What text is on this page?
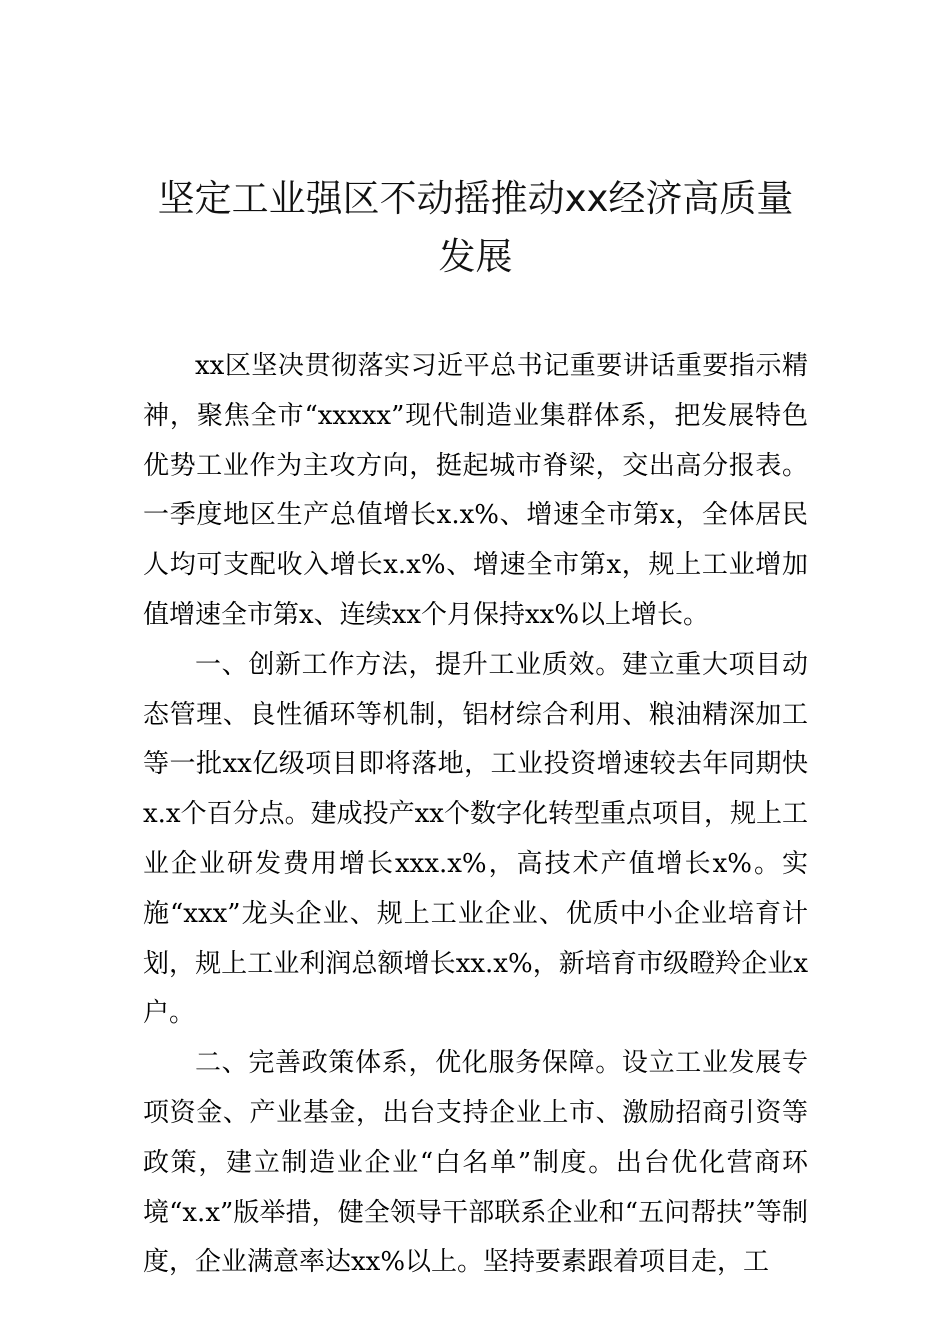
坚定工业强区不动摇推动xx经济高质量发展

xx区坚决贯彻落实习近平总书记重要讲话重要指示精神，聚焦全市“xxxxx”现代制造业集群体系，把发展特色优势工业作为主攻方向，挺起城市脊梁，交出高分报表。一季度地区生产总值增长x.x%、增速全市第x，全体居民人均可支配收入增长x.x%、增速全市第x，规上工业增加值增速全市第x、连续xx个月保持xx%以上增长。

一、创新工作方法，提升工业质效。建立重大项目动态管理、良性循环等机制，铝材综合利用、粮油精深加工等一批xx亿级项目即将落地，工业投资增速较去年同期快x.x个百分点。建成投产xx个数字化转型重点项目，规上工业企业研发费用增长xxx.x%，高技术产值增长x%。实施“xxx”龙头企业、规上工业企业、优质中小企业培育计划，规上工业利润总额增长xx.x%，新培育市级瞪羚企业x户。

二、完善政策体系，优化服务保障。设立工业发展专项资金、产业基金，出台支持企业上市、激励招商引资等政策，建立制造业企业“白名单”制度。出台优化营商环境“x.x”版举措，健全领导干部联系企业和“五问帮扶”等制度，企业满意率达xx%以上。坚持要素跟着项目走，工
